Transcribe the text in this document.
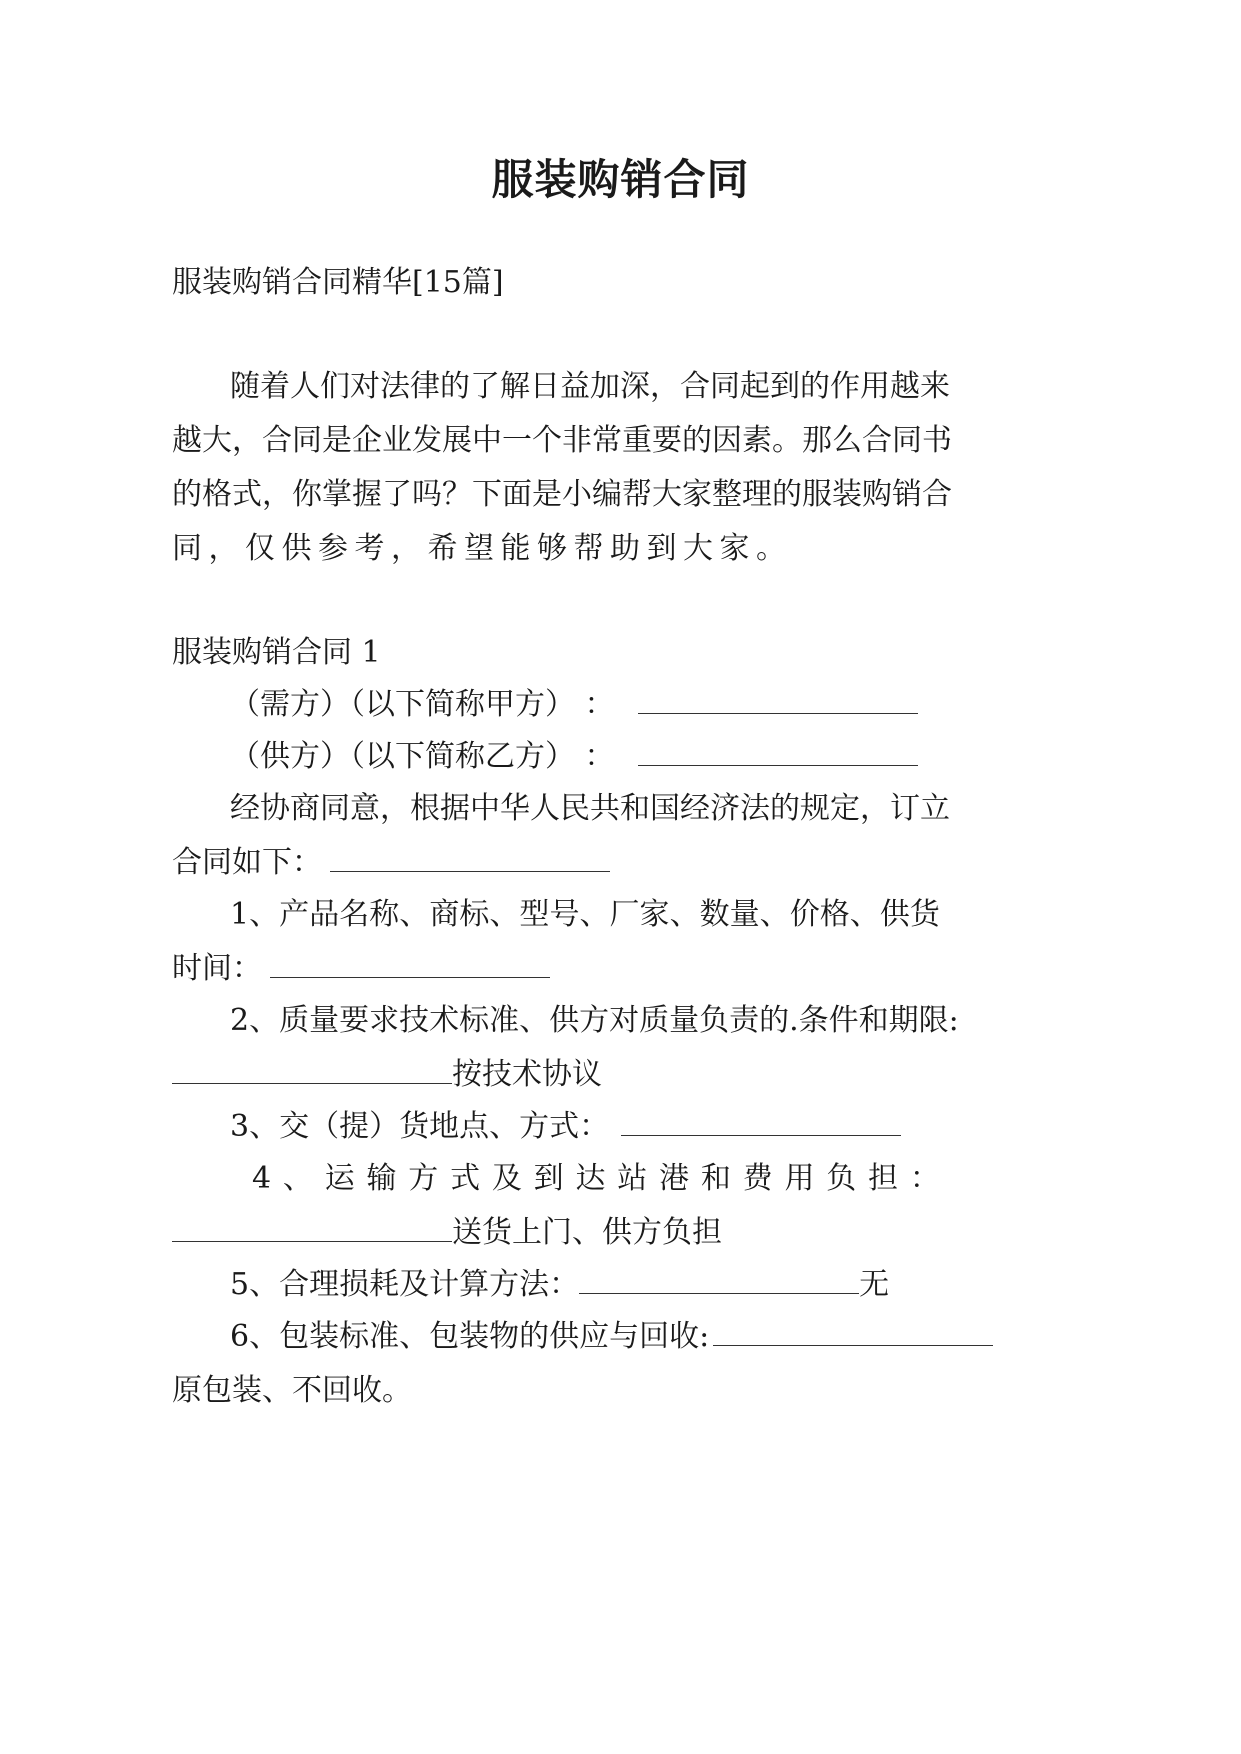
服装购销合同
服装购销合同精华[15篇]
随 着 人 们 对 法 律 的 了 解 日 益 加 深 ， 合 同 起 到 的 作 用 越 来
越 大 ， 合 同 是 企 业 发 展 中 一 个 非 常 重 要 的 因 素 。 那 么 合 同 书
的 格 式 ， 你 掌 握 了 吗 ？ 下 面 是 小 编 帮 大 家 整 理 的 服 装 购 销 合
同，仅供参考，希望能够帮助到大家。
服装购销合同 1
（需方）（以下简称甲方） ：
（供方）（以下简称乙方） ：
经 协 商 同 意 ， 根 据 中 华 人 民 共 和 国 经 济 法 的 规 定 ， 订 立
合同如下：
1 、 产 品 名 称 、 商 标 、 型 号 、 厂 家 、 数 量 、 价 格 、 供 货
时间：
2、质量要求技术标准、供方对质量负责的.条件和期限:
按技术协议
3、交（提）货地点、方式：
4 、 运 输 方 式 及 到 达 站 港 和 费 用 负 担 ：
送货上门、供方负担
5、合理损耗及计算方法：	无
6、包装标准、包装物的供应与回收:
原包装、不回收。
